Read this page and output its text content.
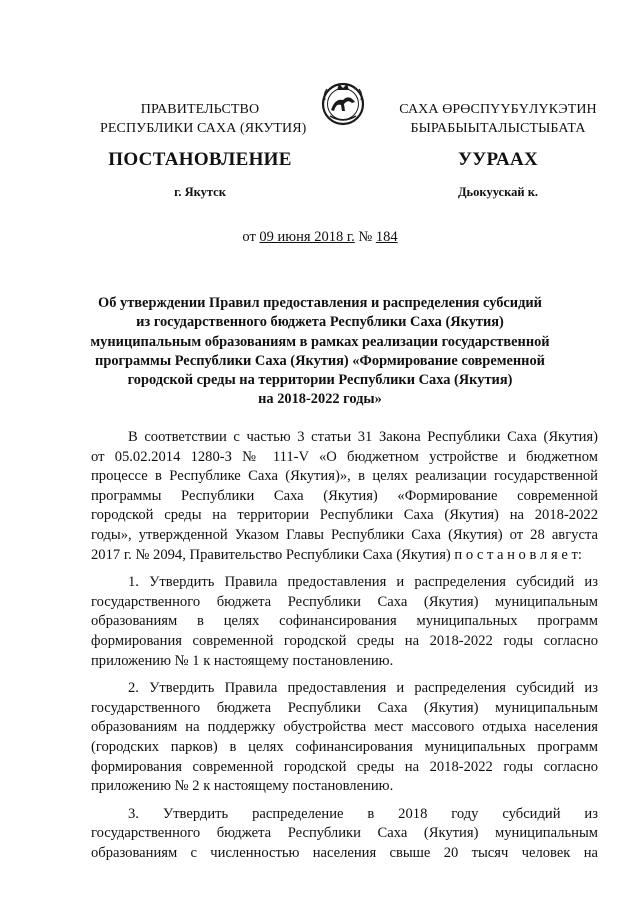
ПРАВИТЕЛЬСТВО
РЕСПУБЛИКИ САХА (ЯКУТИЯ)
САХА ӨРӨСПҮҮБҮЛҮКЭТИН
БЫРАБЫЫТАЛЫСТЫБАТА
ПОСТАНОВЛЕНИЕ	УУРААХ
г. Якутск	Дьокуускай к.
от 09 июня 2018 г. № 184
Об утверждении Правил предоставления и распределения субсидий
из государственного бюджета Республики Саха (Якутия)
муниципальным образованиям в рамках реализации государственной
программы Республики Саха (Якутия) «Формирование современной
городской среды на территории Республики Саха (Якутия)
на 2018-2022 годы»

В соответствии с частью 3 статьи 31 Закона Республики Саха (Якутия)
от 05.02.2014 1280-З № 111-V «О бюджетном устройстве и бюджетном
процессе в Республике Саха (Якутия)», в целях реализации государственной
программы Республики Саха (Якутия) «Формирование современной
городской среды на территории Республики Саха (Якутия) на 2018-2022
годы», утвержденной Указом Главы Республики Саха (Якутия) от 28 августа
2017 г. № 2094, Правительство Республики Саха (Якутия) п о с т а н о в л я е т:

1. Утвердить Правила предоставления и распределения субсидий из
государственного бюджета Республики Саха (Якутия) муниципальным
образованиям в целях софинансирования муниципальных программ
формирования современной городской среды на 2018-2022 годы согласно
приложению № 1 к настоящему постановлению.

2. Утвердить Правила предоставления и распределения субсидий из
государственного бюджета Республики Саха (Якутия) муниципальным
образованиям на поддержку обустройства мест массового отдыха населения
(городских парков) в целях софинансирования муниципальных программ
формирования современной городской среды на 2018-2022 годы согласно
приложению № 2 к настоящему постановлению.

3. Утвердить распределение в 2018 году субсидий из
государственного бюджета Республики Саха (Якутия) муниципальным
образованиям с численностью населения свыше 20 тысяч человек на
